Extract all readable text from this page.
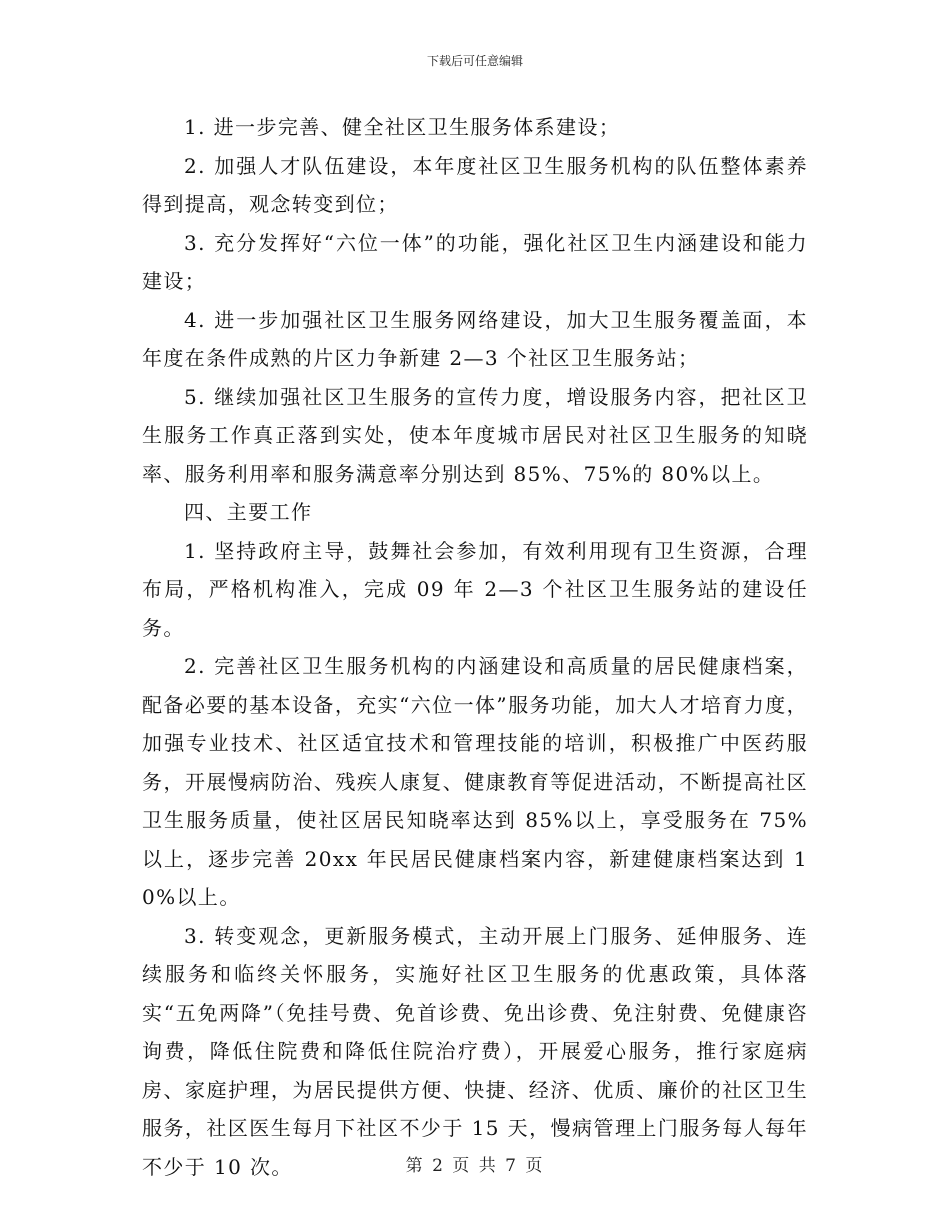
下载后可任意编辑

1. 进一步完善、健全社区卫生服务体系建设；

2. 加强人才队伍建设，本年度社区卫生服务机构的队伍整体素养得到提高，观念转变到位；

3. 充分发挥好“六位一体”的功能，强化社区卫生内涵建设和能力建设；

4. 进一步加强社区卫生服务网络建设，加大卫生服务覆盖面，本年度在条件成熟的片区力争新建 2—3 个社区卫生服务站；

5. 继续加强社区卫生服务的宣传力度，增设服务内容，把社区卫生服务工作真正落到实处，使本年度城市居民对社区卫生服务的知晓率、服务利用率和服务满意率分别达到 85%、75%的 80%以上。

四、主要工作

1. 坚持政府主导，鼓舞社会参加，有效利用现有卫生资源，合理布局，严格机构准入，完成 09 年 2—3 个社区卫生服务站的建设任务。

2. 完善社区卫生服务机构的内涵建设和高质量的居民健康档案，配备必要的基本设备，充实“六位一体”服务功能，加大人才培育力度，加强专业技术、社区适宜技术和管理技能的培训，积极推广中医药服务，开展慢病防治、残疾人康复、健康教育等促进活动，不断提高社区卫生服务质量，使社区居民知晓率达到 85%以上，享受服务在 75%以上，逐步完善 20xx 年民居民健康档案内容，新建健康档案达到 10%以上。

3. 转变观念，更新服务模式，主动开展上门服务、延伸服务、连续服务和临终关怀服务，实施好社区卫生服务的优惠政策，具体落实“五免两降”（免挂号费、免首诊费、免出诊费、免注射费、免健康咨询费，降低住院费和降低住院治疗费），开展爱心服务，推行家庭病房、家庭护理，为居民提供方便、快捷、经济、优质、廉价的社区卫生服务，社区医生每月下社区不少于 15 天，慢病管理上门服务每人每年不少于 10 次。	第 2 页 共 7 页
